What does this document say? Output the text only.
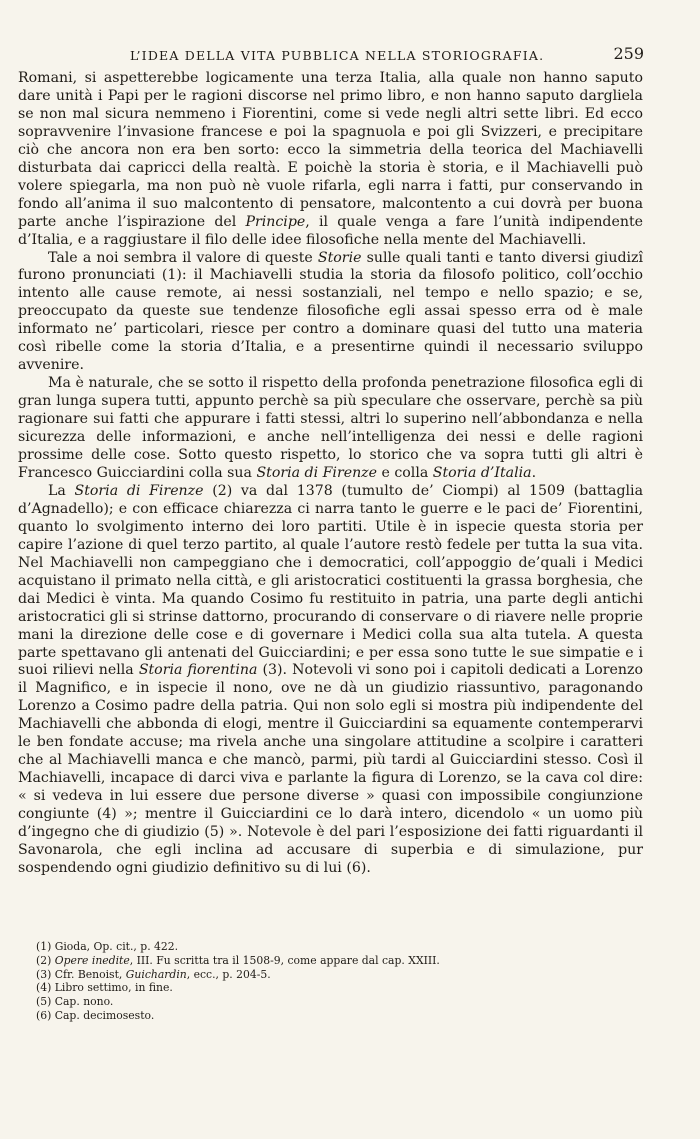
L’IDEA DELLA VITA PUBBLICA NELLA STORIOGRAFIA.	259

Romani, si aspetterebbe logicamente una terza Italia, alla quale non hanno saputo dare unità i Papi per le ragioni discorse nel primo libro, e non hanno saputo dargliela se non mal sicura nemmeno i Fiorentini, come si vede negli altri sette libri. Ed ecco sopravvenire l’invasione francese e poi la spagnuola e poi gli Svizzeri, e precipitare ciò che ancora non era ben sorto: ecco la simmetria della teorica del Machiavelli disturbata dai capricci della realtà. E poichè la storia è storia, e il Machiavelli può volere spiegarla, ma non può nè vuole rifarla, egli narra i fatti, pur conservando in fondo all’anima il suo malcontento di pensatore, malcontento a cui dovrà per buona parte anche l’ispirazione del Principe, il quale venga a fare l’unità indipendente d’Italia, e a raggiustare il filo delle idee filosofiche nella mente del Machiavelli.

Tale a noi sembra il valore di queste Storie sulle quali tanti e tanto diversi giudizî furono pronunciati (1): il Machiavelli studia la storia da filosofo politico, coll’occhio intento alle cause remote, ai nessi sostanziali, nel tempo e nello spazio; e se, preoccupato da queste sue tendenze filosofiche egli assai spesso erra od è male informato ne’ particolari, riesce per contro a dominare quasi del tutto una materia così ribelle come la storia d’Italia, e a presentirne quindi il necessario sviluppo avvenire.

Ma è naturale, che se sotto il rispetto della profonda penetrazione filosofica egli di gran lunga supera tutti, appunto perchè sa più speculare che osservare, perchè sa più ragionare sui fatti che appurare i fatti stessi, altri lo superino nell’abbondanza e nella sicurezza delle informazioni, e anche nell’intelligenza dei nessi e delle ragioni prossime delle cose. Sotto questo rispetto, lo storico che va sopra tutti gli altri è Francesco Guicciardini colla sua Storia di Firenze e colla Storia d’Italia.

La Storia di Firenze (2) va dal 1378 (tumulto de’ Ciompi) al 1509 (battaglia d’Agnadello); e con efficace chiarezza ci narra tanto le guerre e le paci de’ Fiorentini, quanto lo svolgimento interno dei loro partiti. Utile è in ispecie questa storia per capire l’azione di quel terzo partito, al quale l’autore restò fedele per tutta la sua vita. Nel Machiavelli non campeggiano che i democratici, coll’appoggio de’quali i Medici acquistano il primato nella città, e gli aristocratici costituenti la grassa borghesia, che dai Medici è vinta. Ma quando Cosimo fu restituito in patria, una parte degli antichi aristocratici gli si strinse dattorno, procurando di conservare o di riavere nelle proprie mani la direzione delle cose e di governare i Medici colla sua alta tutela. A questa parte spettavano gli antenati del Guicciardini; e per essa sono tutte le sue simpatie e i suoi rilievi nella Storia fiorentina (3). Notevoli vi sono poi i capitoli dedicati a Lorenzo il Magnifico, e in ispecie il nono, ove ne dà un giudizio riassuntivo, paragonando Lorenzo a Cosimo padre della patria. Qui non solo egli si mostra più indipendente del Machiavelli che abbonda di elogi, mentre il Guicciardini sa equamente contemperarvi le ben fondate accuse; ma rivela anche una singolare attitudine a scolpire i caratteri che al Machiavelli manca e che mancò, parmi, più tardi al Guicciardini stesso. Così il Machiavelli, incapace di darci viva e parlante la figura di Lorenzo, se la cava col dire: « si vedeva in lui essere due persone diverse » quasi con impossibile congiunzione congiunte (4) »; mentre il Guicciardini ce lo darà intero, dicendolo « un uomo più d’ingegno che di giudizio (5) ». Notevole è del pari l’esposizione dei fatti riguardanti il Savonarola, che egli inclina ad accusare di superbia e di simulazione, pur sospendendo ogni giudizio definitivo su di lui (6).

(1) Gioda, Op. cit., p. 422.
(2) Opere inedite, III. Fu scritta tra il 1508-9, come appare dal cap. XXIII.
(3) Cfr. Benoist, Guichardin, ecc., p. 204-5.
(4) Libro settimo, in fine.
(5) Cap. nono.
(6) Cap. decimosesto.
